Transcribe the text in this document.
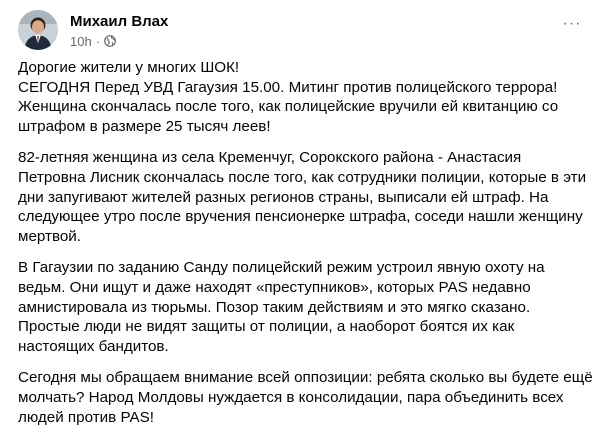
Михаил Влах
10h ·
···
Дорогие жители у многих ШОК!
СЕГОДНЯ Перед УВД Гагаузия 15.00. Митинг против полицейского террора!
Женщина скончалась после того, как полицейские вручили ей квитанцию со
штрафом в размере 25 тысяч леев!
82-летняя женщина из села Кременчуг, Сорокского района - Анастасия
Петровна Лисник скончалась после того, как сотрудники полиции, которые в эти
дни запугивают жителей разных регионов страны, выписали ей штраф. На
следующее утро после вручения пенсионерке штрафа, соседи нашли женщину
мертвой.
В Гагаузии по заданию Санду полицейский режим устроил явную охоту на
ведьм. Они ищут и даже находят «преступников», которых PAS недавно
амнистировала из тюрьмы. Позор таким действиям и это мягко сказано.
Простые люди не видят защиты от полиции, а наоборот боятся их как
настоящих бандитов.
Сегодня мы обращаем внимание всей оппозиции: ребята сколько вы будете ещё
молчать? Народ Молдовы нуждается в консолидации, пара объединить всех
людей против PAS!
